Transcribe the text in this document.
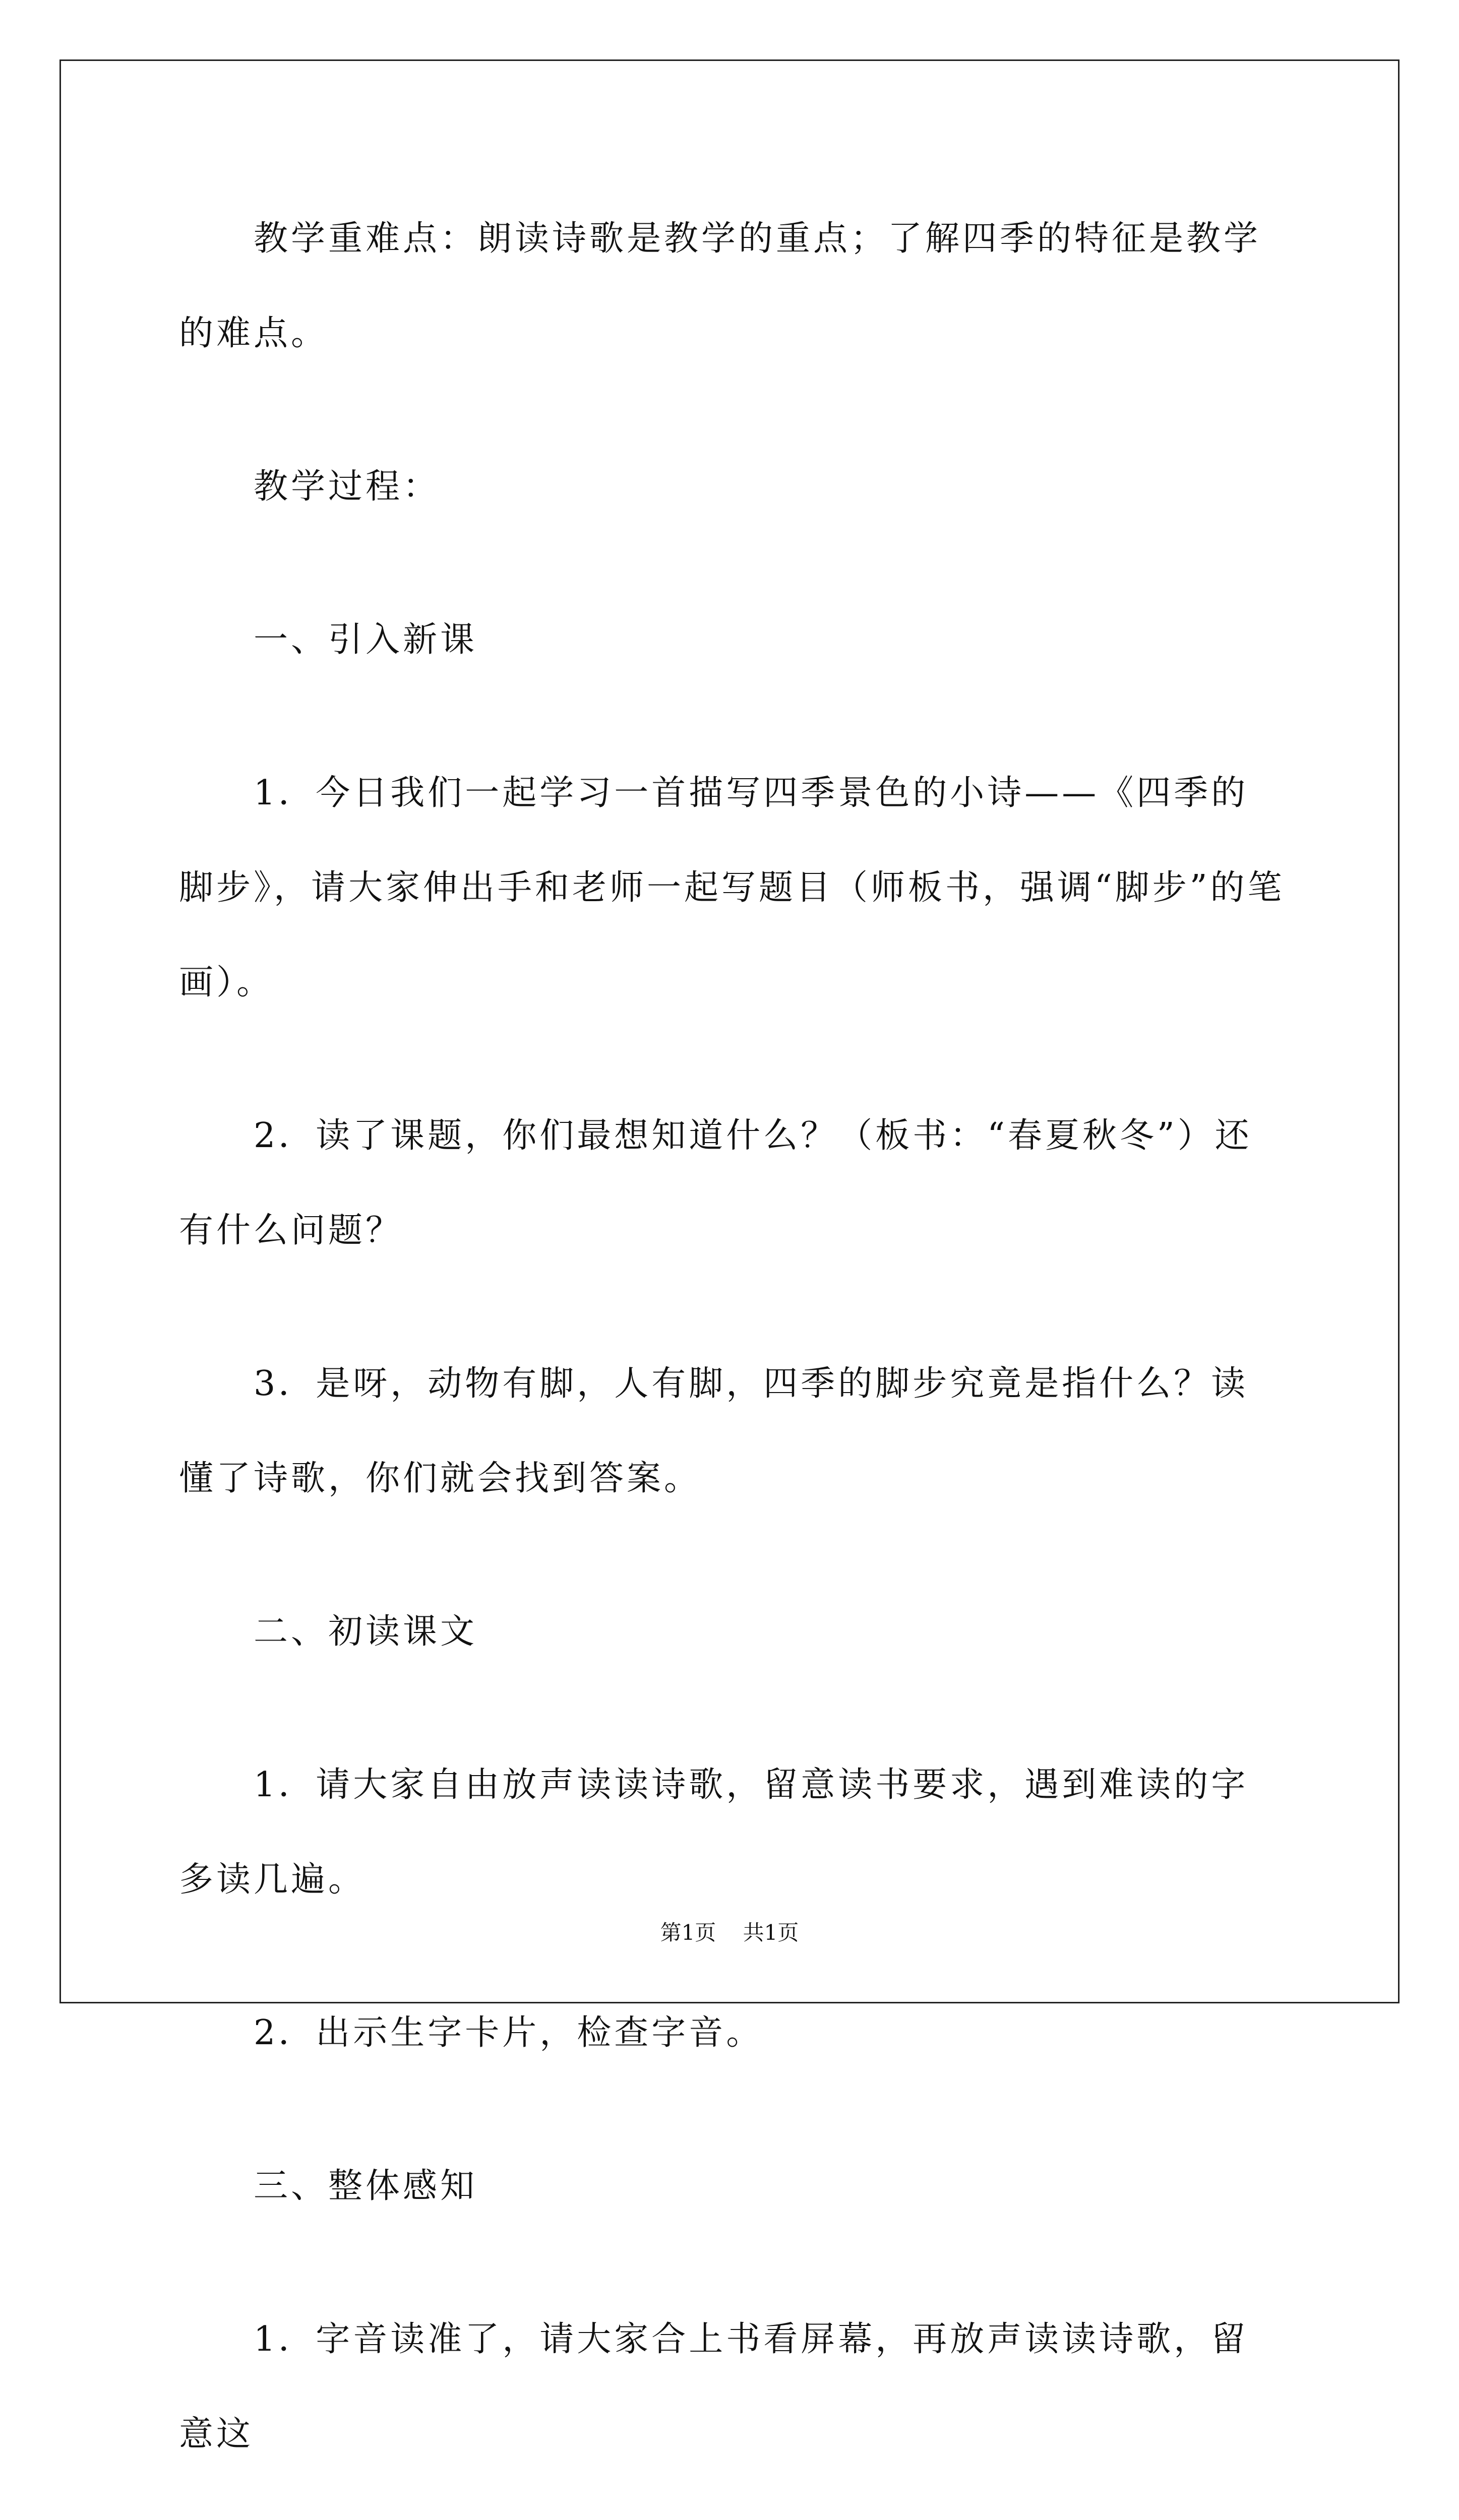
教学重难点：朗读诗歌是教学的重点；了解四季的特征是教学的难点。

教学过程：

一、引入新课

1．今日我们一起学习一首描写四季景色的小诗——《四季的脚步》，请大家伸出手和老师一起写题目（师板书，强调“脚步”的笔画）。

2．读了课题，你们最想知道什么？（板书：“春夏秋冬”）还有什么问题？

3．是呀，动物有脚，人有脚，四季的脚步究竟是指什么？读懂了诗歌，你们就会找到答案。

二、初读课文

1．请大家自由放声读读诗歌，留意读书要求，遇到难读的字多读几遍。

2．出示生字卡片，检查字音。

三、整体感知

1．字音读准了，请大家合上书看屏幕，再放声读读诗歌，留意这

第1页 共1页
